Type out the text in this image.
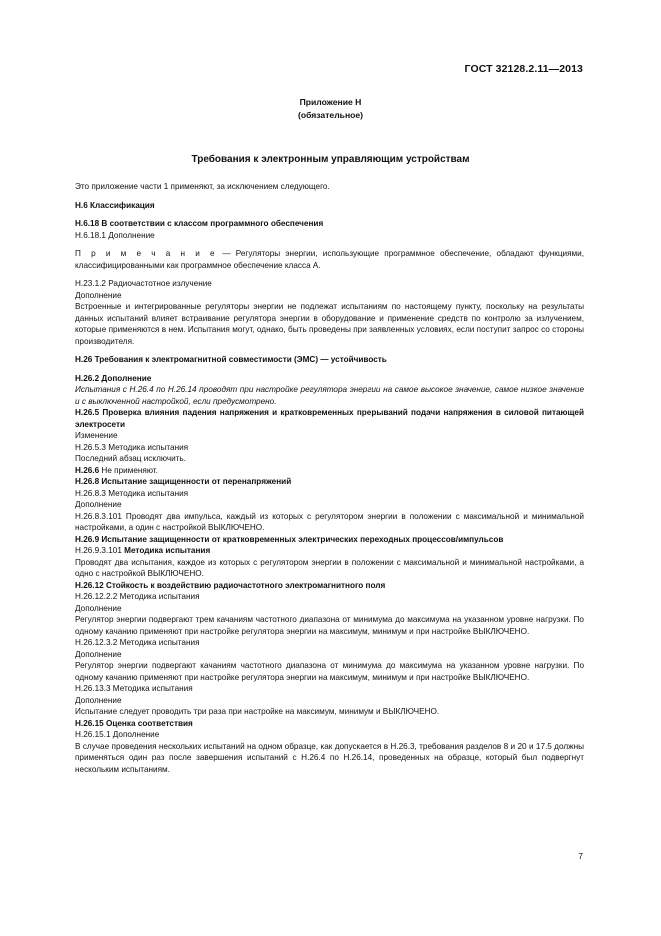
ГОСТ 32128.2.11—2013
Приложение Н
(обязательное)
Требования к электронным управляющим устройствам

Это приложение части 1 применяют, за исключением следующего.

Н.6 Классификация

Н.6.18 В соответствии с классом программного обеспечения

Н.6.18.1 Дополнение

П р и м е ч а н и е — Регуляторы энергии, использующие программное обеспечение, обладают функциями, классифицированными как программное обеспечение класса А.

Н.23.1.2 Радиочастотное излучение

Дополнение

Встроенные и интегрированные регуляторы энергии не подлежат испытаниям по настоящему пункту, поскольку на результаты данных испытаний влияет встраивание регулятора энергии в оборудование и применение средств по контролю за излучением, которые применяются в нем. Испытания могут, однако, быть проведены при заявленных условиях, если поступит запрос со стороны производителя.

Н.26 Требования к электромагнитной совместимости (ЭМС) — устойчивость

Н.26.2 Дополнение

Испытания с Н.26.4 по Н.26.14 проводят при настройке регулятора энергии на самое высокое значение, самое низкое значение и с выключенной настройкой, если предусмотрено.

Н.26.5 Проверка влияния падения напряжения и кратковременных прерываний подачи напряжения в силовой питающей электросети

Изменение

Н.26.5.3 Методика испытания

Последний абзац исключить.

Н.26.6 Не применяют.

Н.26.8 Испытание защищенности от перенапряжений

Н.26.8.3 Методика испытания

Дополнение

Н.26.8.3.101 Проводят два импульса, каждый из которых с регулятором энергии в положении с максимальной и минимальной настройками, а один с настройкой ВЫКЛЮЧЕНО.

Н.26.9 Испытание защищенности от кратковременных электрических переходных процессов/импульсов

Н.26.9.3.101 Методика испытания

Проводят два испытания, каждое из которых с регулятором энергии в положении с максимальной и минимальной настройками, а одно с настройкой ВЫКЛЮЧЕНО.

Н.26.12 Стойкость к воздействию радиочастотного электромагнитного поля

Н.26.12.2.2 Методика испытания

Дополнение

Регулятор энергии подвергают трем качаниям частотного диапазона от минимума до максимума на указанном уровне нагрузки. По одному качанию применяют при настройке регулятора энергии на максимум, минимум и при настройке ВЫКЛЮЧЕНО.

Н.26.12.3.2 Методика испытания

Дополнение

Регулятор энергии подвергают качаниям частотного диапазона от минимума до максимума на указанном уровне нагрузки. По одному качанию применяют при настройке регулятора энергии на максимум, минимум и при настройке ВЫКЛЮЧЕНО.

Н.26.13.3 Методика испытания

Дополнение

Испытание следует проводить три раза при настройке на максимум, минимум и ВЫКЛЮЧЕНО.

Н.26.15 Оценка соответствия

Н.26.15.1 Дополнение

В случае проведения нескольких испытаний на одном образце, как допускается в Н.26.3, требования разделов 8 и 20 и 17.5 должны применяться один раз после завершения испытаний с Н.26.4 по Н.26.14, проведенных на образце, который был подвергнут нескольким испытаниям.

7
